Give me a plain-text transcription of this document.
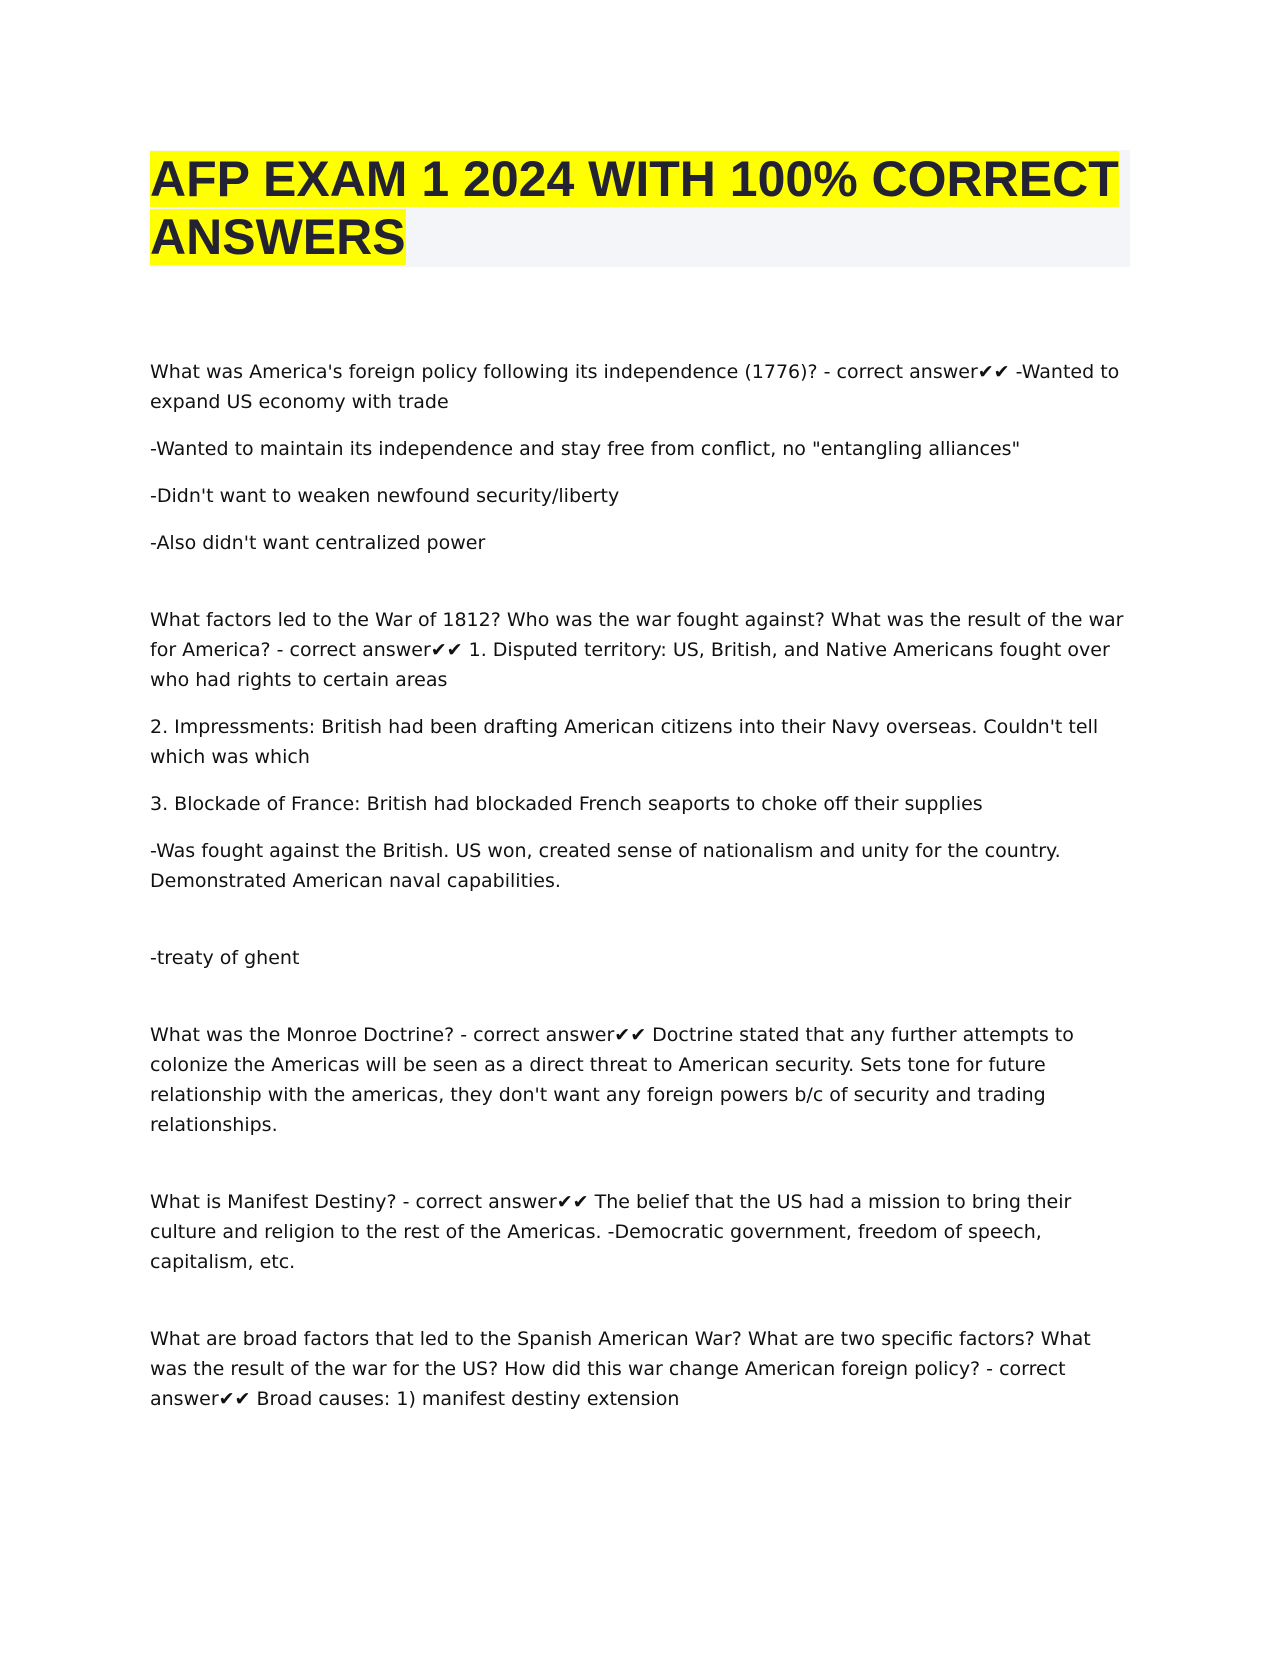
AFP EXAM 1 2024 WITH 100% CORRECT
ANSWERS

What was America's foreign policy following its independence (1776)? - correct answer✔✔ -Wanted to expand US economy with trade

-Wanted to maintain its independence and stay free from conflict, no "entangling alliances"

-Didn't want to weaken newfound security/liberty

-Also didn't want centralized power

What factors led to the War of 1812? Who was the war fought against? What was the result of the war for America? - correct answer✔✔ 1. Disputed territory: US, British, and Native Americans fought over who had rights to certain areas

2. Impressments: British had been drafting American citizens into their Navy overseas. Couldn't tell which was which

3. Blockade of France: British had blockaded French seaports to choke off their supplies

-Was fought against the British. US won, created sense of nationalism and unity for the country. Demonstrated American naval capabilities.

-treaty of ghent

What was the Monroe Doctrine? - correct answer✔✔ Doctrine stated that any further attempts to colonize the Americas will be seen as a direct threat to American security. Sets tone for future relationship with the americas, they don't want any foreign powers b/c of security and trading relationships.

What is Manifest Destiny? - correct answer✔✔ The belief that the US had a mission to bring their culture and religion to the rest of the Americas. -Democratic government, freedom of speech, capitalism, etc.

What are broad factors that led to the Spanish American War? What are two specific factors? What was the result of the war for the US? How did this war change American foreign policy? - correct answer✔✔ Broad causes: 1) manifest destiny extension
